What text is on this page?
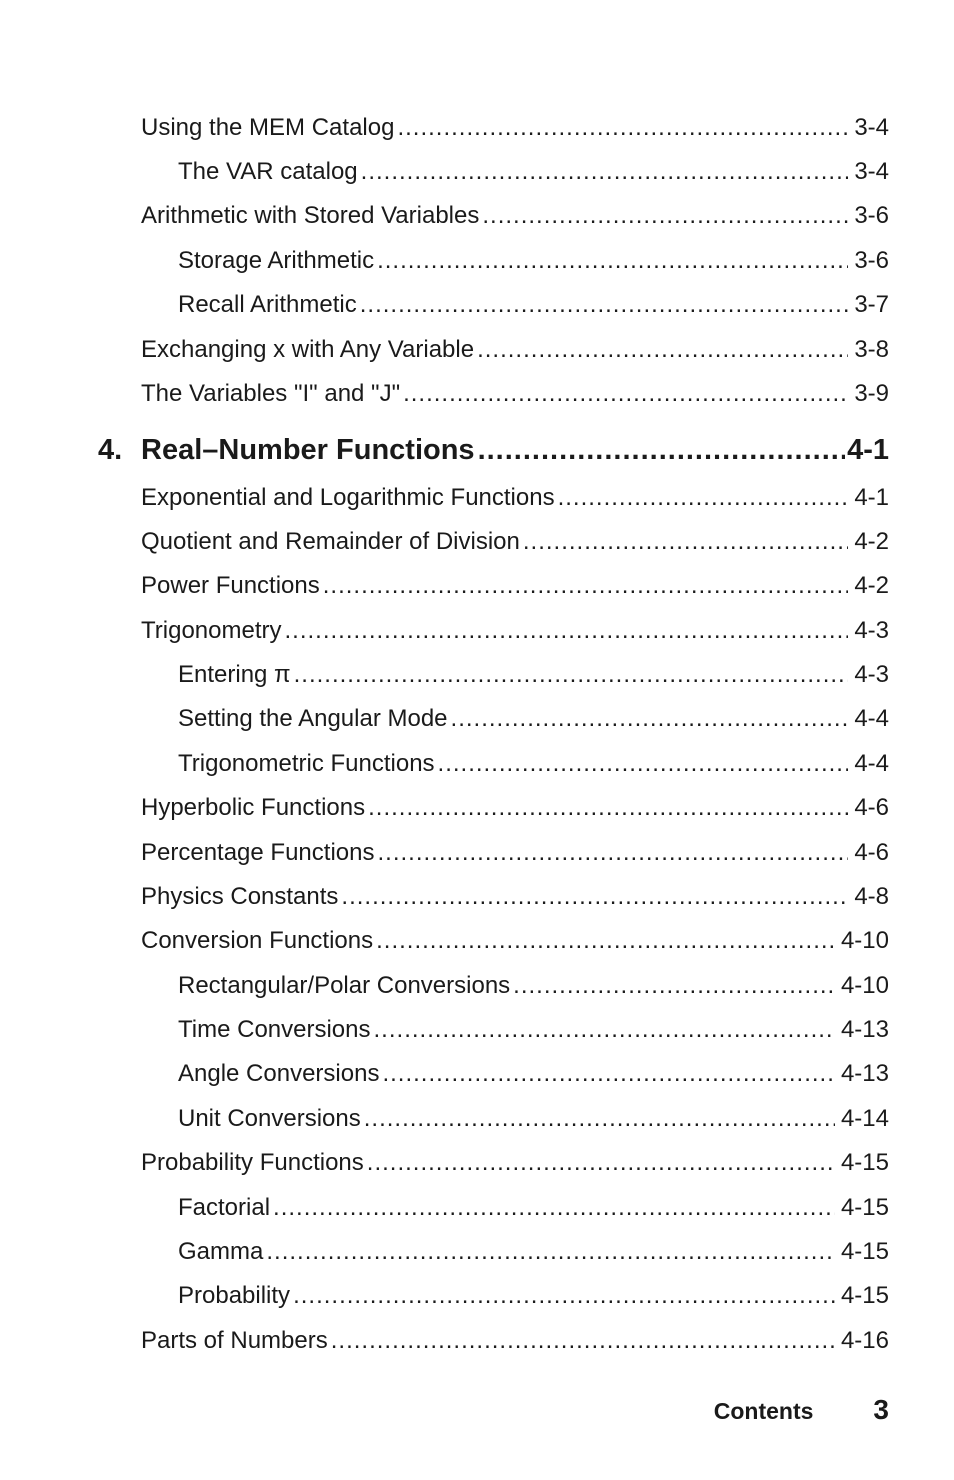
Using the MEM Catalog .....	3-4
The VAR catalog .....	3-4
Arithmetic with Stored Variables .....	3-6
Storage Arithmetic .....	3-6
Recall Arithmetic .....	3-7
Exchanging x with Any Variable .....	3-8
The Variables "I" and "J" .....	3-9
4. Real–Number Functions .....	4-1
Exponential and Logarithmic Functions .....	4-1
Quotient and Remainder of Division .....	4-2
Power Functions .....	4-2
Trigonometry .....	4-3
Entering π .....	4-3
Setting the Angular Mode .....	4-4
Trigonometric Functions .....	4-4
Hyperbolic Functions .....	4-6
Percentage Functions .....	4-6
Physics Constants .....	4-8
Conversion Functions .....	4-10
Rectangular/Polar Conversions .....	4-10
Time Conversions .....	4-13
Angle Conversions .....	4-13
Unit Conversions .....	4-14
Probability Functions .....	4-15
Factorial .....	4-15
Gamma .....	4-15
Probability .....	4-15
Parts of Numbers .....	4-16
Contents 3
